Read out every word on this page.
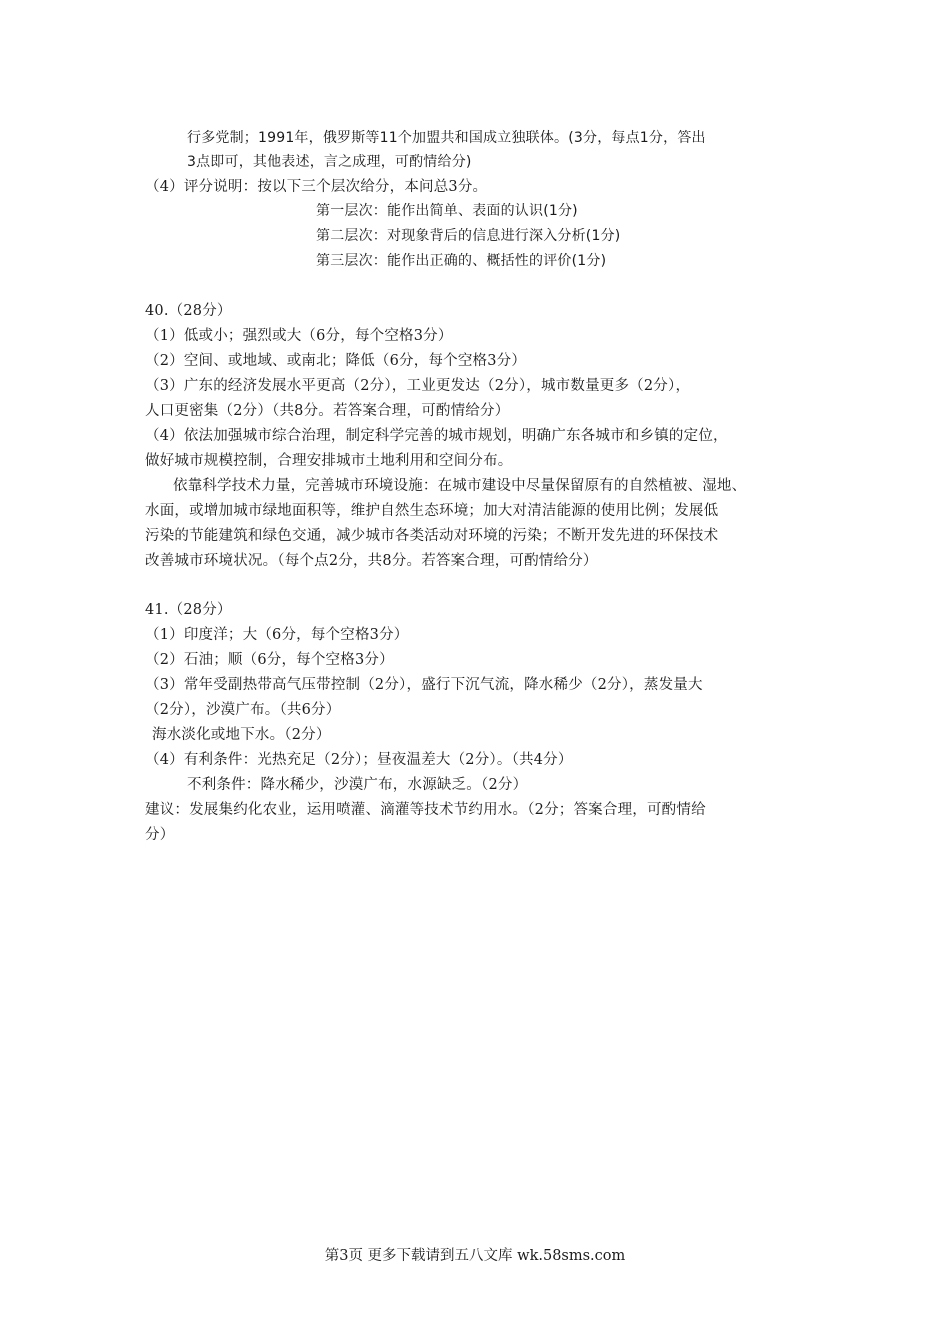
行多党制；1991年，俄罗斯等11个加盟共和国成立独联体。(3分，每点1分，答出
3点即可，其他表述，言之成理，可酌情给分)
（4）评分说明：按以下三个层次给分，本问总3分。
第一层次：能作出简单、表面的认识(1分)
第二层次：对现象背后的信息进行深入分析(1分)
第三层次：能作出正确的、概括性的评价(1分)
40.（28分）
（1）低或小；强烈或大（6分，每个空格3分）
（2）空间、或地域、或南北；降低（6分，每个空格3分）
（3）广东的经济发展水平更高（2分），工业更发达（2分），城市数量更多（2分），
人口更密集（2分）（共8分。若答案合理，可酌情给分）
（4）依法加强城市综合治理，制定科学完善的城市规划，明确广东各城市和乡镇的定位，
做好城市规模控制，合理安排城市土地利用和空间分布。
依靠科学技术力量，完善城市环境设施：在城市建设中尽量保留原有的自然植被、湿地、
水面，或增加城市绿地面积等，维护自然生态环境；加大对清洁能源的使用比例；发展低
污染的节能建筑和绿色交通，减少城市各类活动对环境的污染；不断开发先进的环保技术
改善城市环境状况。（每个点2分，共8分。若答案合理，可酌情给分）
41.（28分）
（1）印度洋；大（6分，每个空格3分）
（2）石油；顺（6分，每个空格3分）
（3）常年受副热带高气压带控制（2分），盛行下沉气流，降水稀少（2分），蒸发量大
（2分），沙漠广布。（共6分）
海水淡化或地下水。（2分）
（4）有利条件：光热充足（2分）；昼夜温差大（2分）。（共4分）
不利条件：降水稀少，沙漠广布，水源缺乏。（2分）
建议：发展集约化农业，运用喷灌、滴灌等技术节约用水。（2分；答案合理，可酌情给
分）
第3页 更多下载请到五八文库 wk.58sms.com
